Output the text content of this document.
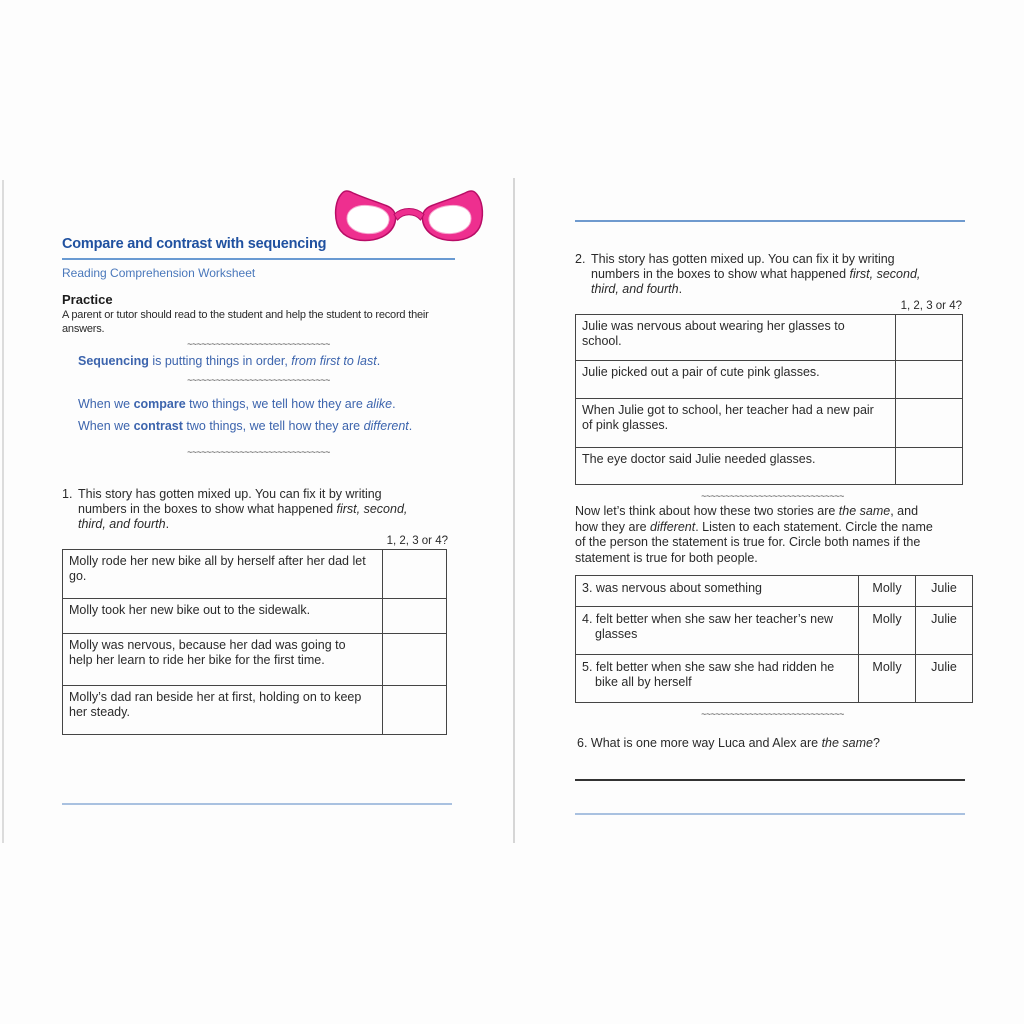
Compare and contrast with sequencing
Reading Comprehension Worksheet
Practice

A parent or tutor should read to the student and help the student to record their answers.

~~~~~~~~~~~~~~~~~~~~~~~~~~~~~~

Sequencing is putting things in order, from first to last.

~~~~~~~~~~~~~~~~~~~~~~~~~~~~~~

When we compare two things, we tell how they are alike.

When we contrast two things, we tell how they are different.

~~~~~~~~~~~~~~~~~~~~~~~~~~~~~~
1. This story has gotten mixed up. You can fix it by writing numbers in the boxes to show what happened first, second, third, and fourth.
1, 2, 3 or 4?
Molly rode her new bike all by herself after her dad let go.	
Molly took her new bike out to the sidewalk.	
Molly was nervous, because her dad was going to help her learn to ride her bike for the first time.	
Molly’s dad ran beside her at first, holding on to keep her steady.	
2. This story has gotten mixed up. You can fix it by writing numbers in the boxes to show what happened first, second, third, and fourth.
1, 2, 3 or 4?
Julie was nervous about wearing her glasses to school.	
Julie picked out a pair of cute pink glasses.	
When Julie got to school, her teacher had a new pair of pink glasses.	
The eye doctor said Julie needed glasses.	
~~~~~~~~~~~~~~~~~~~~~~~~~~~~~~

Now let’s think about how these two stories are the same, and how they are different. Listen to each statement. Circle the name of the person the statement is true for. Circle both names if the statement is true for both people.

3. was nervous about something	Molly	Julie
4. felt better when she saw her teacher’s new glasses	Molly	Julie
5. felt better when she saw she had ridden he bike all by herself	Molly	Julie
~~~~~~~~~~~~~~~~~~~~~~~~~~~~~~

6. What is one more way Luca and Alex are the same?
